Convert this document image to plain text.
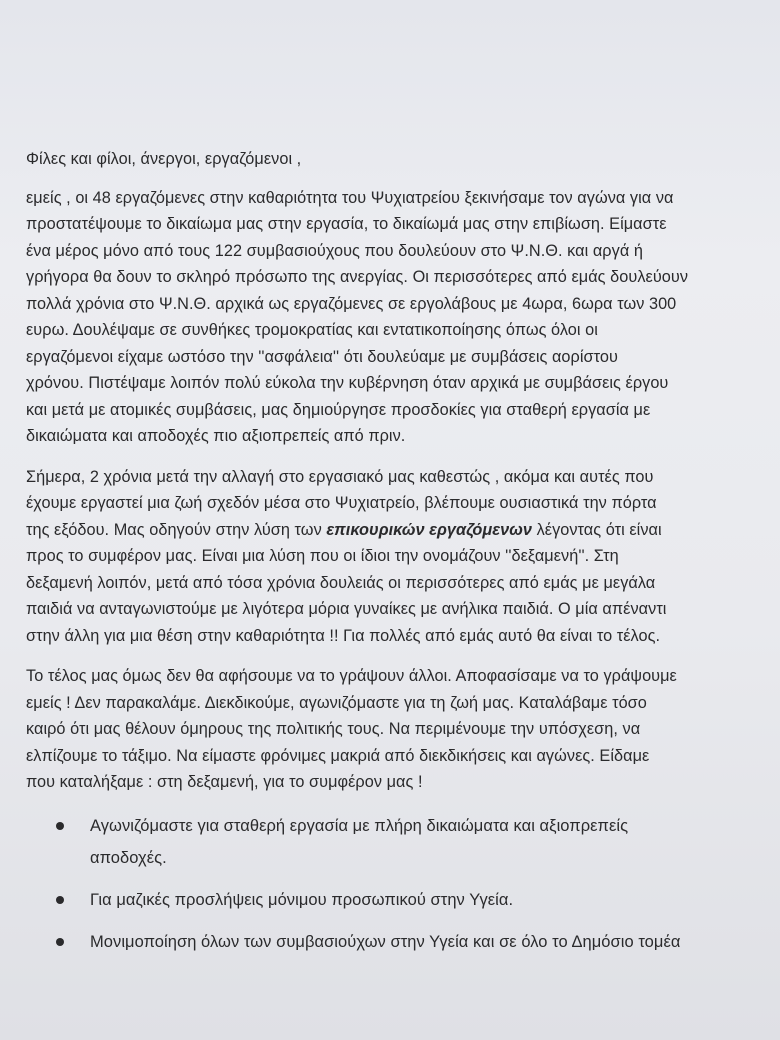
Φίλες και φίλοι, άνεργοι, εργαζόμενοι ,
εμείς , οι 48 εργαζόμενες στην καθαριότητα του Ψυχιατρείου ξεκινήσαμε τον αγώνα για να
προστατέψουμε το δικαίωμα μας στην εργασία, το δικαίωμά μας στην επιβίωση. Είμαστε
ένα μέρος μόνο από τους 122 συμβασιούχους που δουλεύουν στο Ψ.Ν.Θ. και αργά ή
γρήγορα θα δουν το σκληρό πρόσωπο της ανεργίας. Οι περισσότερες από εμάς δουλεύουν
πολλά χρόνια στο Ψ.Ν.Θ. αρχικά ως εργαζόμενες σε εργολάβους με 4ωρα, 6ωρα των 300
ευρω. Δουλέψαμε σε συνθήκες τρομοκρατίας και εντατικοποίησης όπως όλοι οι
εργαζόμενοι είχαμε ωστόσο την ''ασφάλεια'' ότι δουλεύαμε με συμβάσεις αορίστου
χρόνου. Πιστέψαμε λοιπόν πολύ εύκολα την κυβέρνηση όταν αρχικά με συμβάσεις έργου
και μετά με ατομικές συμβάσεις, μας δημιούργησε προσδοκίες για σταθερή εργασία με
δικαιώματα και αποδοχές πιο αξιοπρεπείς από πριν.
Σήμερα, 2 χρόνια μετά την αλλαγή στο εργασιακό μας καθεστώς , ακόμα και αυτές που
έχουμε εργαστεί μια ζωή σχεδόν μέσα στο Ψυχιατρείο, βλέπουμε ουσιαστικά την πόρτα
της εξόδου. Μας οδηγούν στην λύση των επικουρικών εργαζόμενων λέγοντας ότι είναι
προς το συμφέρον μας. Είναι μια λύση που οι ίδιοι την ονομάζουν ''δεξαμενή''. Στη
δεξαμενή λοιπόν, μετά από τόσα χρόνια δουλειάς οι περισσότερες από εμάς με μεγάλα
παιδιά να ανταγωνιστούμε με λιγότερα μόρια γυναίκες με ανήλικα παιδιά. Ο μία απέναντι
στην άλλη για μια θέση στην καθαριότητα !! Για πολλές από εμάς αυτό θα είναι το τέλος.
Το τέλος μας όμως δεν θα αφήσουμε να το γράψουν άλλοι. Αποφασίσαμε να το γράψουμε
εμείς ! Δεν παρακαλάμε. Διεκδικούμε, αγωνιζόμαστε για τη ζωή μας. Καταλάβαμε τόσο
καιρό ότι μας θέλουν όμηρους της πολιτικής τους. Να περιμένουμε την υπόσχεση, να
ελπίζουμε το τάξιμο. Να είμαστε φρόνιμες μακριά από διεκδικήσεις και αγώνες. Είδαμε
που καταλήξαμε : στη δεξαμενή, για το συμφέρον μας !
Αγωνιζόμαστε για σταθερή εργασία με πλήρη δικαιώματα και αξιοπρεπείς
αποδοχές.
Για μαζικές προσλήψεις μόνιμου προσωπικού στην Υγεία.
Μονιμοποίηση όλων των συμβασιούχων στην Υγεία και σε όλο το Δημόσιο τομέα
